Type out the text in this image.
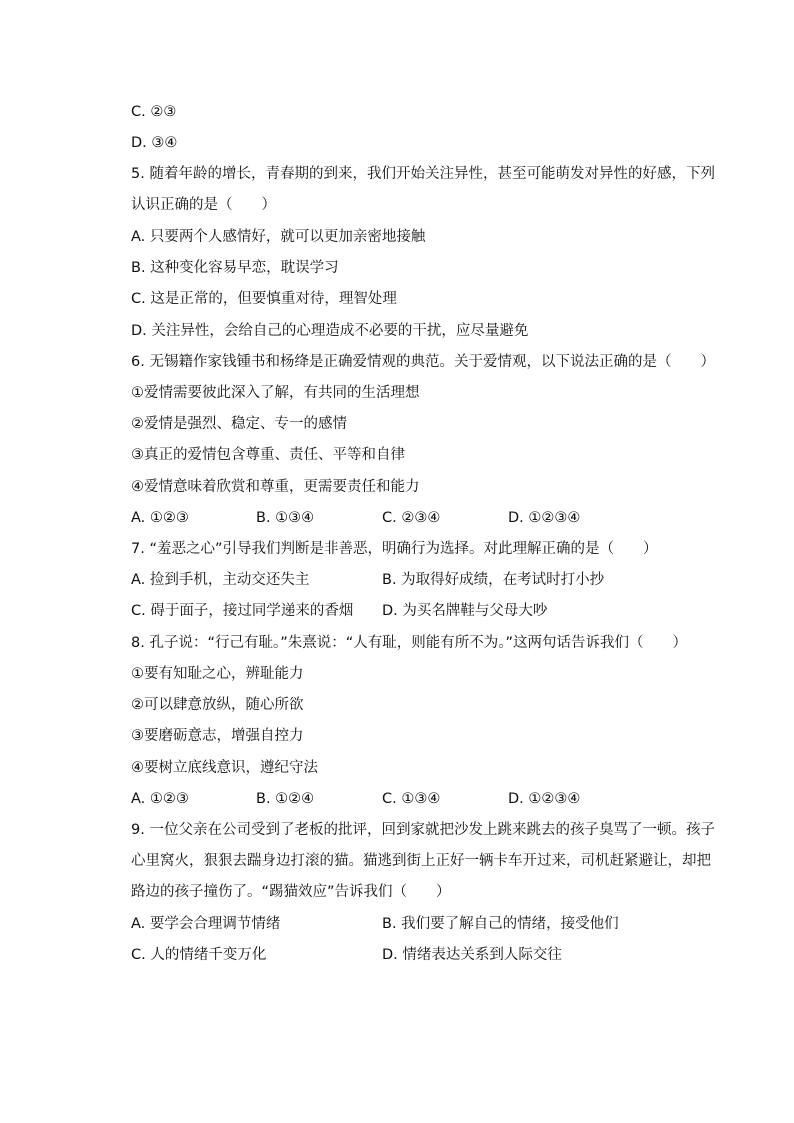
C. ②③
D. ③④
5. 随着年龄的增长，青春期的到来，我们开始关注异性，甚至可能萌发对异性的好感，下列
认识正确的是（　　）
A. 只要两个人感情好，就可以更加亲密地接触
B. 这种变化容易早恋，耽误学习
C. 这是正常的，但要慎重对待，理智处理
D. 关注异性，会给自己的心理造成不必要的干扰，应尽量避免
6. 无锡籍作家钱锺书和杨绛是正确爱情观的典范。关于爱情观，以下说法正确的是（　　）
①爱情需要彼此深入了解，有共同的生活理想
②爱情是强烈、稳定、专一的感情
③真正的爱情包含尊重、责任、平等和自律
④爱情意味着欣赏和尊重，更需要责任和能力
A. ①②③	B. ①③④	C. ②③④	D. ①②③④
7. “羞恶之心”引导我们判断是非善恶，明确行为选择。对此理解正确的是（　　）
A. 捡到手机，主动交还失主	B. 为取得好成绩，在考试时打小抄
C. 碍于面子，接过同学递来的香烟 D. 为买名牌鞋与父母大吵
8. 孔子说：“行己有耻。”朱熹说：“人有耻，则能有所不为。”这两句话告诉我们（　　）
①要有知耻之心，辨耻能力
②可以肆意放纵，随心所欲
③要磨砺意志，增强自控力
④要树立底线意识，遵纪守法
A. ①②③	B. ①②④	C. ①③④	D. ①②③④
9. 一位父亲在公司受到了老板的批评，回到家就把沙发上跳来跳去的孩子臭骂了一顿。孩子
心里窝火，狠狠去踹身边打滚的猫。猫逃到街上正好一辆卡车开过来，司机赶紧避让，却把
路边的孩子撞伤了。“踢猫效应”告诉我们（　　）
A. 要学会合理调节情绪	B. 我们要了解自己的情绪，接受他们
C. 人的情绪千变万化	D. 情绪表达关系到人际交往
